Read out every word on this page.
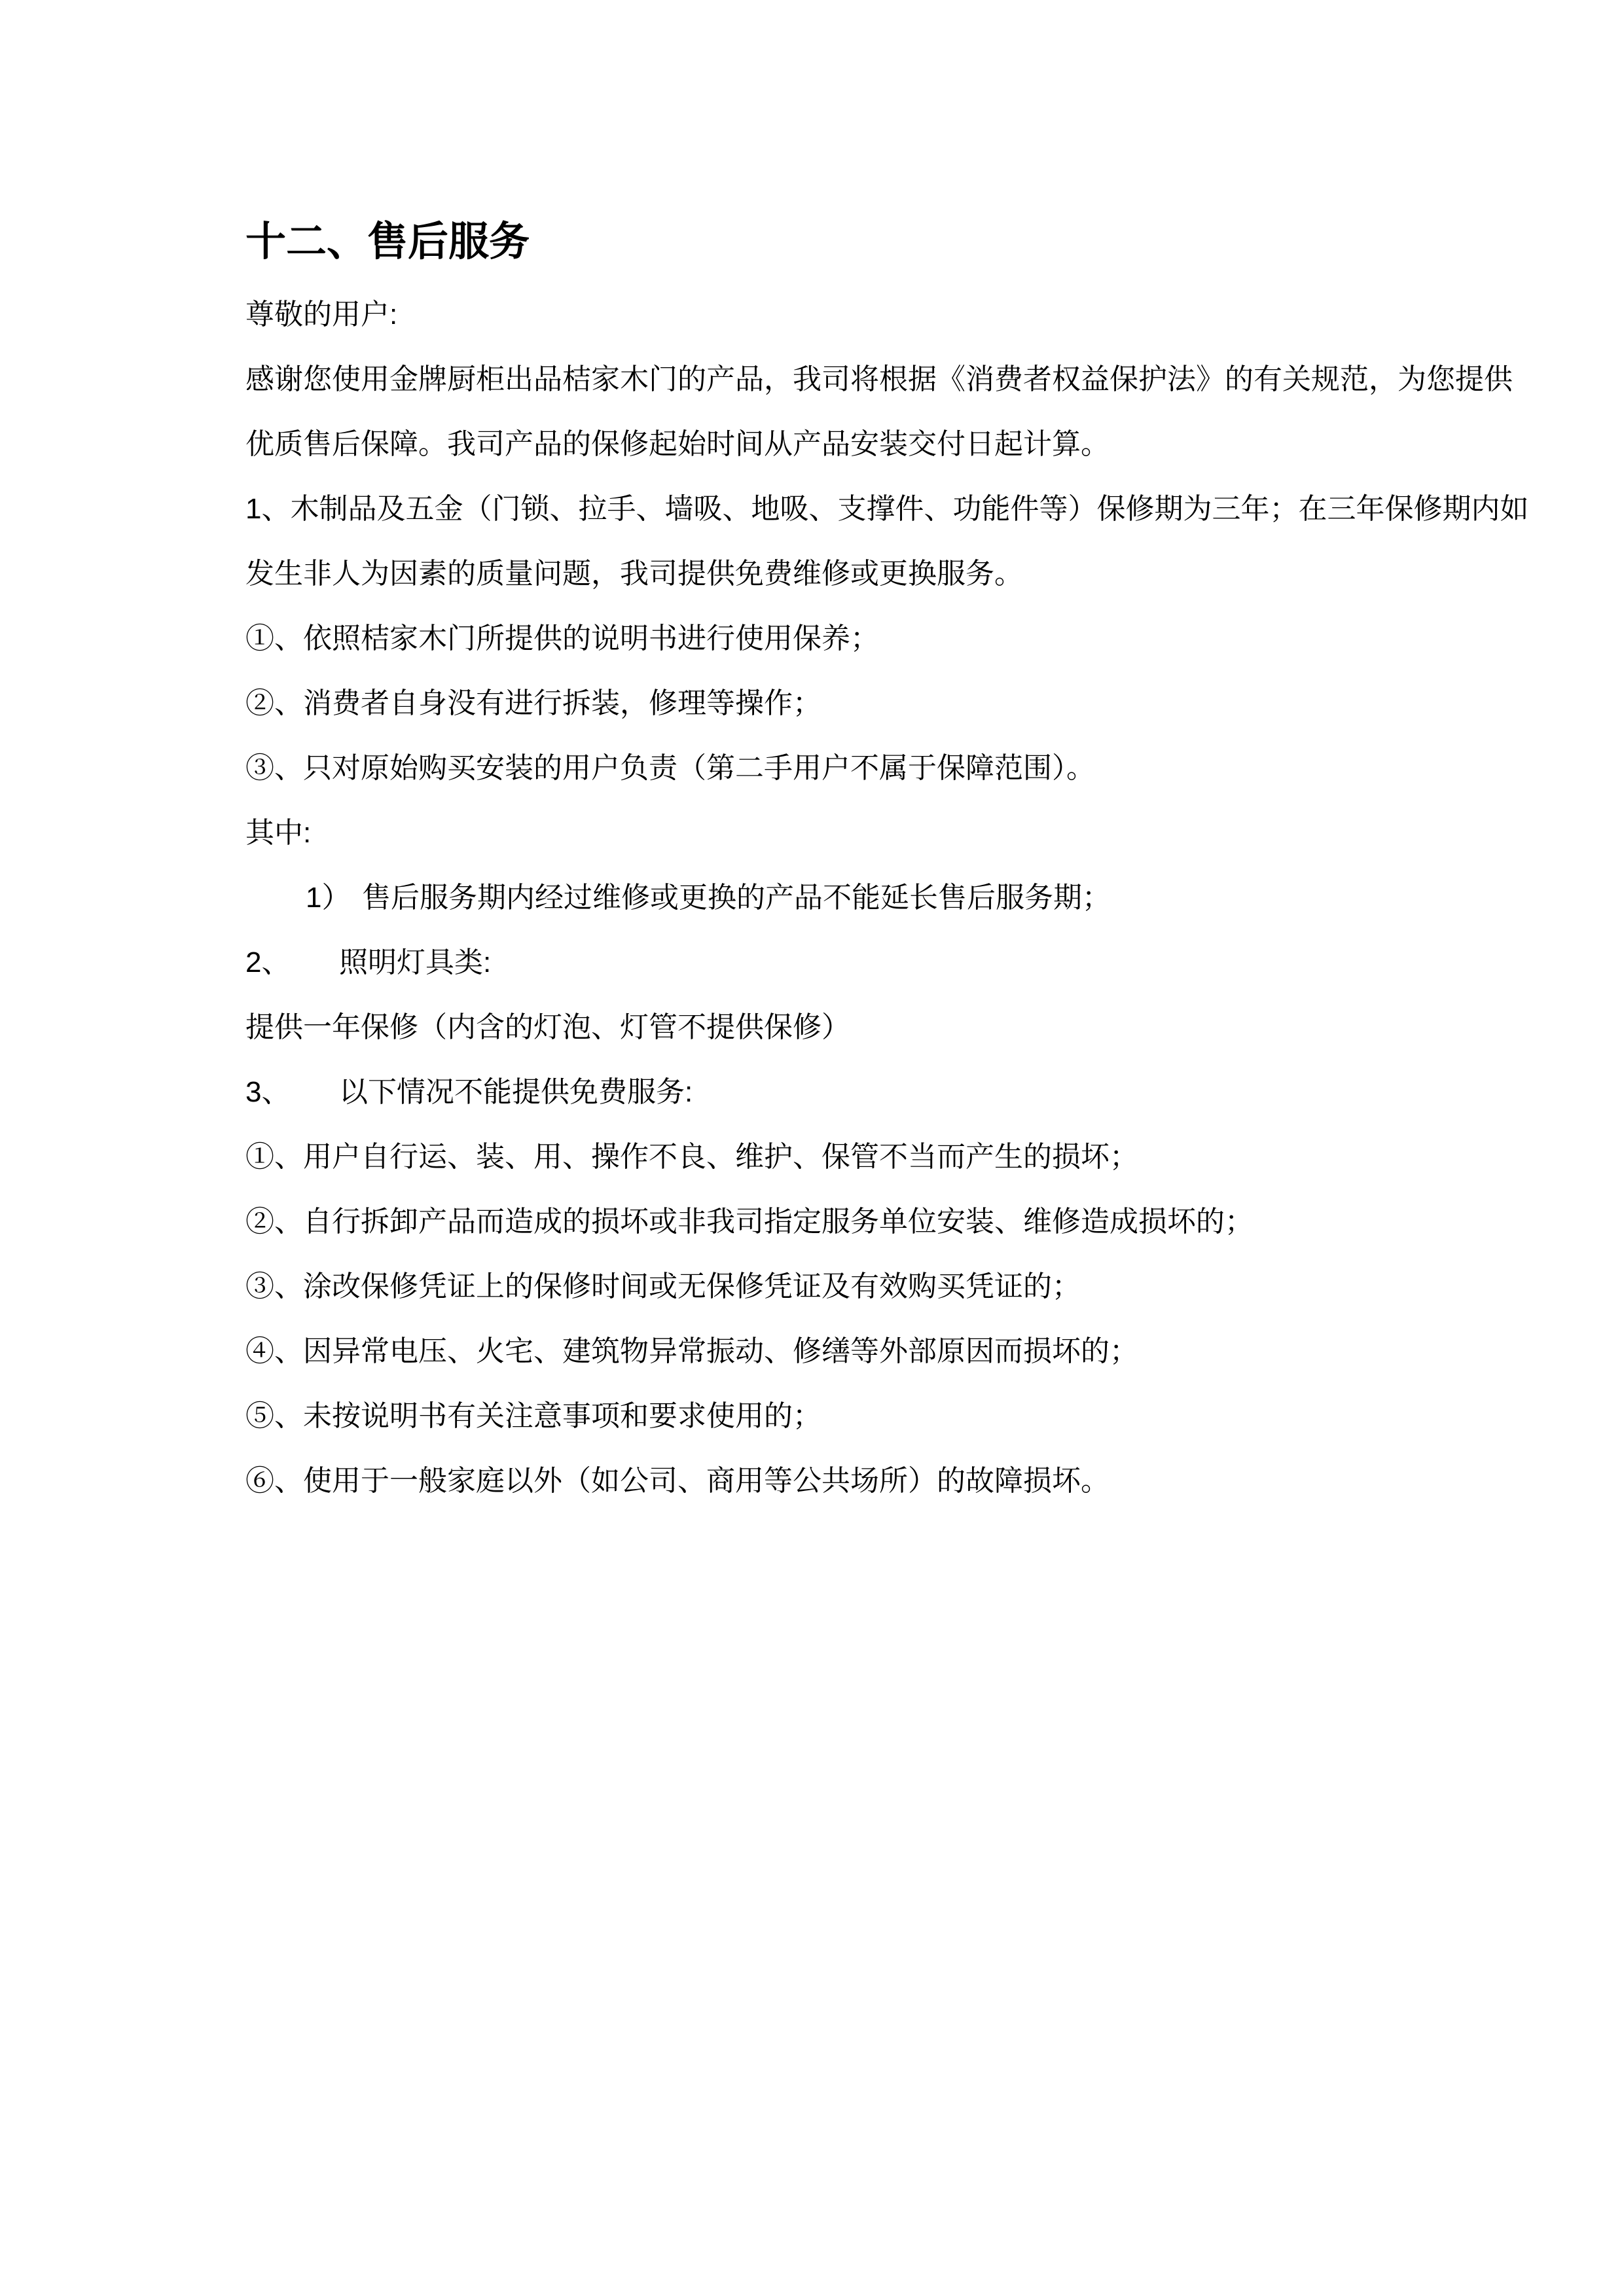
十二、售后服务
尊敬的用户:
感谢您使用金牌厨柜出品桔家木门的产品，我司将根据《消费者权益保护法》的有关规范，为您提供
优质售后保障。我司产品的保修起始时间从产品安装交付日起计算。
1、木制品及五金（门锁、拉手、墙吸、地吸、支撑件、功能件等）保修期为三年；在三年保修期内如
发生非人为因素的质量问题，我司提供免费维修或更换服务。
①、依照桔家木门所提供的说明书进行使用保养；
②、消费者自身没有进行拆装，修理等操作；
③、只对原始购买安装的用户负责（第二手用户不属于保障范围）。
其中:
1） 售后服务期内经过维修或更换的产品不能延长售后服务期；
2、 照明灯具类:
提供一年保修（内含的灯泡、灯管不提供保修）
3、 以下情况不能提供免费服务:
①、用户自行运、装、用、操作不良、维护、保管不当而产生的损坏；
②、自行拆卸产品而造成的损坏或非我司指定服务单位安装、维修造成损坏的；
③、涂改保修凭证上的保修时间或无保修凭证及有效购买凭证的；
④、因异常电压、火宅、建筑物异常振动、修缮等外部原因而损坏的；
⑤、未按说明书有关注意事项和要求使用的；
⑥、使用于一般家庭以外（如公司、商用等公共场所）的故障损坏。
